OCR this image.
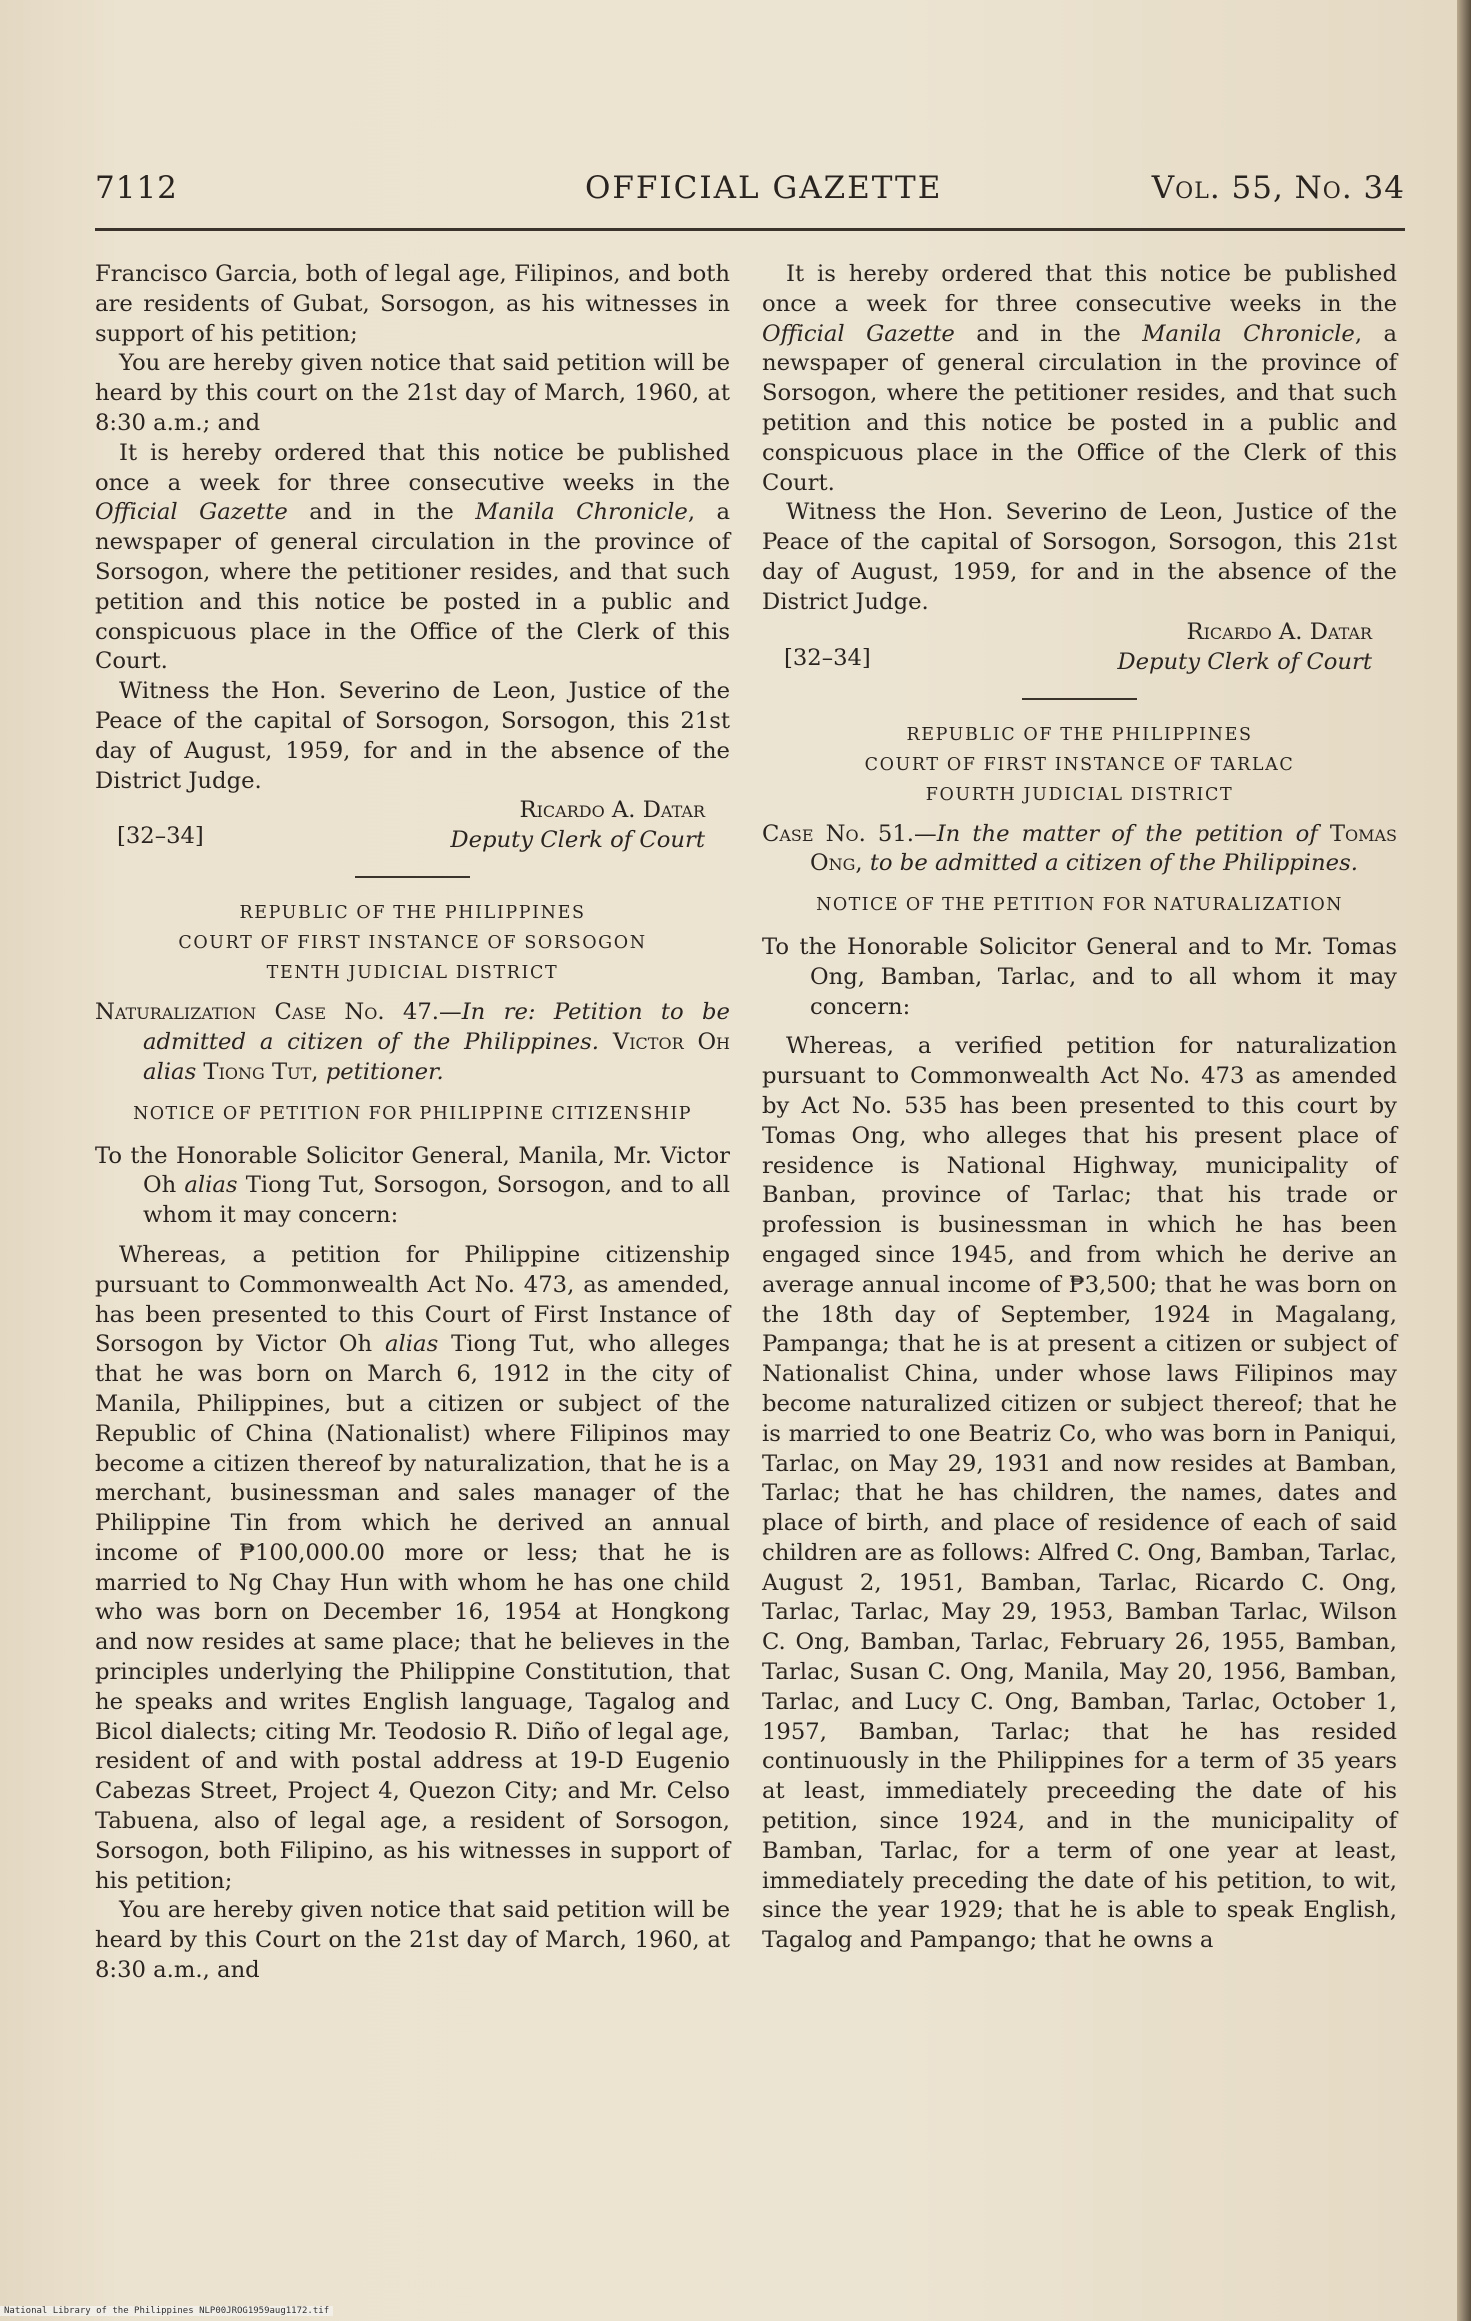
7112	OFFICIAL GAZETTE	Vol. 55, No. 34

Francisco Garcia, both of legal age, Filipinos, and both are residents of Gubat, Sorsogon, as his witnesses in support of his petition;

You are hereby given notice that said petition will be heard by this court on the 21st day of March, 1960, at 8:30 a.m.; and

It is hereby ordered that this notice be published once a week for three consecutive weeks in the Official Gazette and in the Manila Chronicle, a newspaper of general circulation in the province of Sorsogon, where the petitioner resides, and that such petition and this notice be posted in a public and conspicuous place in the Office of the Clerk of this Court.

Witness the Hon. Severino de Leon, Justice of the Peace of the capital of Sorsogon, Sorsogon, this 21st day of August, 1959, for and in the absence of the District Judge.

Ricardo A. Datar
Deputy Clerk of Court
[32–34]
REPUBLIC OF THE PHILIPPINES
COURT OF FIRST INSTANCE OF SORSOGON
TENTH JUDICIAL DISTRICT
Naturalization Case No. 47.—In re: Petition to be admitted a citizen of the Philippines. Victor Oh alias Tiong Tut, petitioner.
NOTICE OF PETITION FOR PHILIPPINE CITIZENSHIP
To the Honorable Solicitor General, Manila, Mr. Victor Oh alias Tiong Tut, Sorsogon, Sorsogon, and to all whom it may concern:

Whereas, a petition for Philippine citizenship pursuant to Commonwealth Act No. 473, as amended, has been presented to this Court of First Instance of Sorsogon by Victor Oh alias Tiong Tut, who alleges that he was born on March 6, 1912 in the city of Manila, Philippines, but a citizen or subject of the Republic of China (Nationalist) where Filipinos may become a citizen thereof by naturalization, that he is a merchant, businessman and sales manager of the Philippine Tin from which he derived an annual income of ₱100,000.00 more or less; that he is married to Ng Chay Hun with whom he has one child who was born on December 16, 1954 at Hongkong and now resides at same place; that he believes in the principles underlying the Philippine Constitution, that he speaks and writes English language, Tagalog and Bicol dialects; citing Mr. Teodosio R. Diño of legal age, resident of and with postal address at 19-D Eugenio Cabezas Street, Project 4, Quezon City; and Mr. Celso Tabuena, also of legal age, a resident of Sorsogon, Sorsogon, both Filipino, as his witnesses in support of his petition;

You are hereby given notice that said petition will be heard by this Court on the 21st day of March, 1960, at 8:30 a.m., and

It is hereby ordered that this notice be published once a week for three consecutive weeks in the Official Gazette and in the Manila Chronicle, a newspaper of general circulation in the province of Sorsogon, where the petitioner resides, and that such petition and this notice be posted in a public and conspicuous place in the Office of the Clerk of this Court.

Witness the Hon. Severino de Leon, Justice of the Peace of the capital of Sorsogon, Sorsogon, this 21st day of August, 1959, for and in the absence of the District Judge.

Ricardo A. Datar
Deputy Clerk of Court
[32–34]
REPUBLIC OF THE PHILIPPINES
COURT OF FIRST INSTANCE OF TARLAC
FOURTH JUDICIAL DISTRICT
Case No. 51.—In the matter of the petition of Tomas Ong, to be admitted a citizen of the Philippines.
NOTICE OF THE PETITION FOR NATURALIZATION
To the Honorable Solicitor General and to Mr. Tomas Ong, Bamban, Tarlac, and to all whom it may concern:

Whereas, a verified petition for naturalization pursuant to Commonwealth Act No. 473 as amended by Act No. 535 has been presented to this court by Tomas Ong, who alleges that his present place of residence is National Highway, municipality of Banban, province of Tarlac; that his trade or profession is businessman in which he has been engaged since 1945, and from which he derive an average annual income of ₱3,500; that he was born on the 18th day of September, 1924 in Magalang, Pampanga; that he is at present a citizen or subject of Nationalist China, under whose laws Filipinos may become naturalized citizen or subject thereof; that he is married to one Beatriz Co, who was born in Paniqui, Tarlac, on May 29, 1931 and now resides at Bamban, Tarlac; that he has children, the names, dates and place of birth, and place of residence of each of said children are as follows: Alfred C. Ong, Bamban, Tarlac, August 2, 1951, Bamban, Tarlac, Ricardo C. Ong, Tarlac, Tarlac, May 29, 1953, Bamban Tarlac, Wilson C. Ong, Bamban, Tarlac, February 26, 1955, Bamban, Tarlac, Susan C. Ong, Manila, May 20, 1956, Bamban, Tarlac, and Lucy C. Ong, Bamban, Tarlac, October 1, 1957, Bamban, Tarlac; that he has resided continuously in the Philippines for a term of 35 years at least, immediately preceeding the date of his petition, since 1924, and in the municipality of Bamban, Tarlac, for a term of one year at least, immediately preceding the date of his petition, to wit, since the year 1929; that he is able to speak English, Tagalog and Pampango; that he owns a

National Library of the Philippines NLP00JROG1959aug1172.tif
